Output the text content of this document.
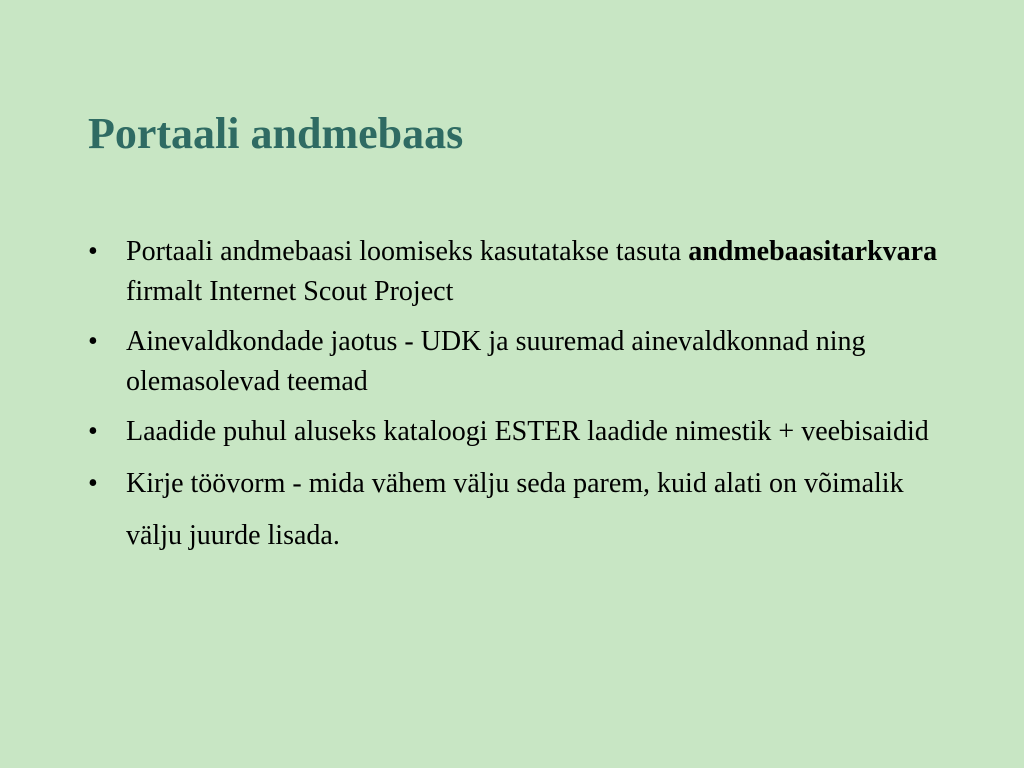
Portaali andmebaas
•	Portaali andmebaasi loomiseks kasutatakse tasuta andmebaasitarkvara firmalt Internet Scout Project
•	Ainevaldkondade jaotus - UDK ja suuremad ainevaldkonnad ning olemasolevad teemad
•	Laadide puhul aluseks kataloogi ESTER laadide nimestik + veebisaidid
•	Kirje töövorm - mida vähem välju seda parem, kuid alati on võimalik välju juurde lisada.
